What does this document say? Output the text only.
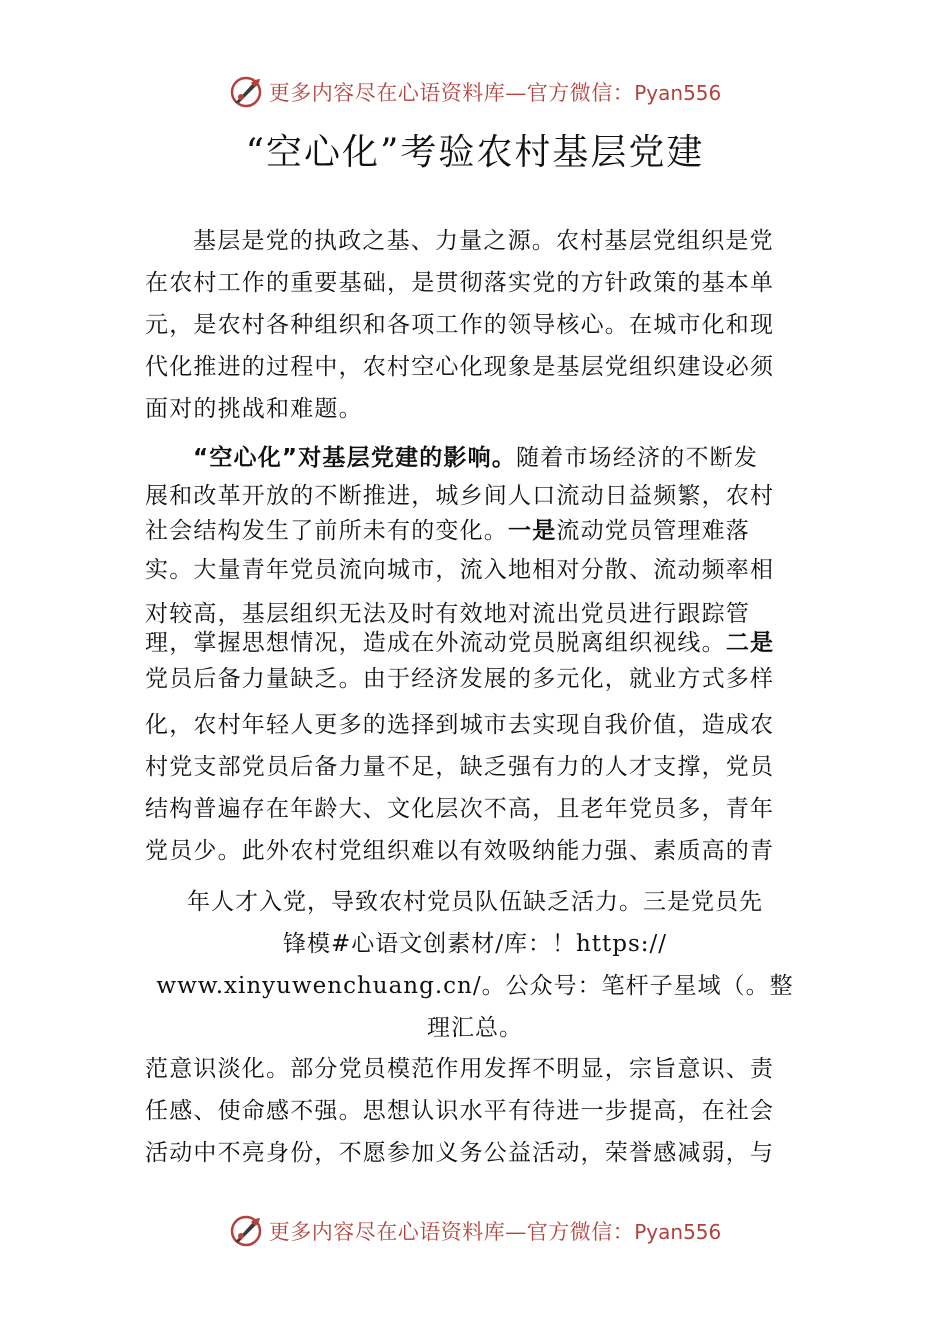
更多内容尽在心语资料库—官方微信：Pyan556
“空心化”考验农村基层党建

基层是党的执政之基、力量之源。农村基层党组织是党
在农村工作的重要基础，是贯彻落实党的方针政策的基本单
元，是农村各种组织和各项工作的领导核心。在城市化和现
代化推进的过程中，农村空心化现象是基层党组织建设必须
面对的挑战和难题。

“空心化”对基层党建的影响。随着市场经济的不断发
展和改革开放的不断推进，城乡间人口流动日益频繁，农村
社会结构发生了前所未有的变化。一是流动党员管理难落
实。大量青年党员流向城市，流入地相对分散、流动频率相
对较高，基层组织无法及时有效地对流出党员进行跟踪管
理，掌握思想情况，造成在外流动党员脱离组织视线。二是
党员后备力量缺乏。由于经济发展的多元化，就业方式多样
化，农村年轻人更多的选择到城市去实现自我价值，造成农
村党支部党员后备力量不足，缺乏强有力的人才支撑，党员
结构普遍存在年龄大、文化层次不高，且老年党员多，青年
党员少。此外农村党组织难以有效吸纳能力强、素质高的青
年人才入党，导致农村党员队伍缺乏活力。三是党员先
锋模#心语文创素材/库：！https://
www.xinyuwenchuang.cn/。公众号：笔杆子星域（。整
理汇总。

范意识淡化。部分党员模范作用发挥不明显，宗旨意识、责
任感、使命感不强。思想认识水平有待进一步提高，在社会
活动中不亮身份，不愿参加义务公益活动，荣誉感减弱，与

更多内容尽在心语资料库—官方微信：Pyan556
